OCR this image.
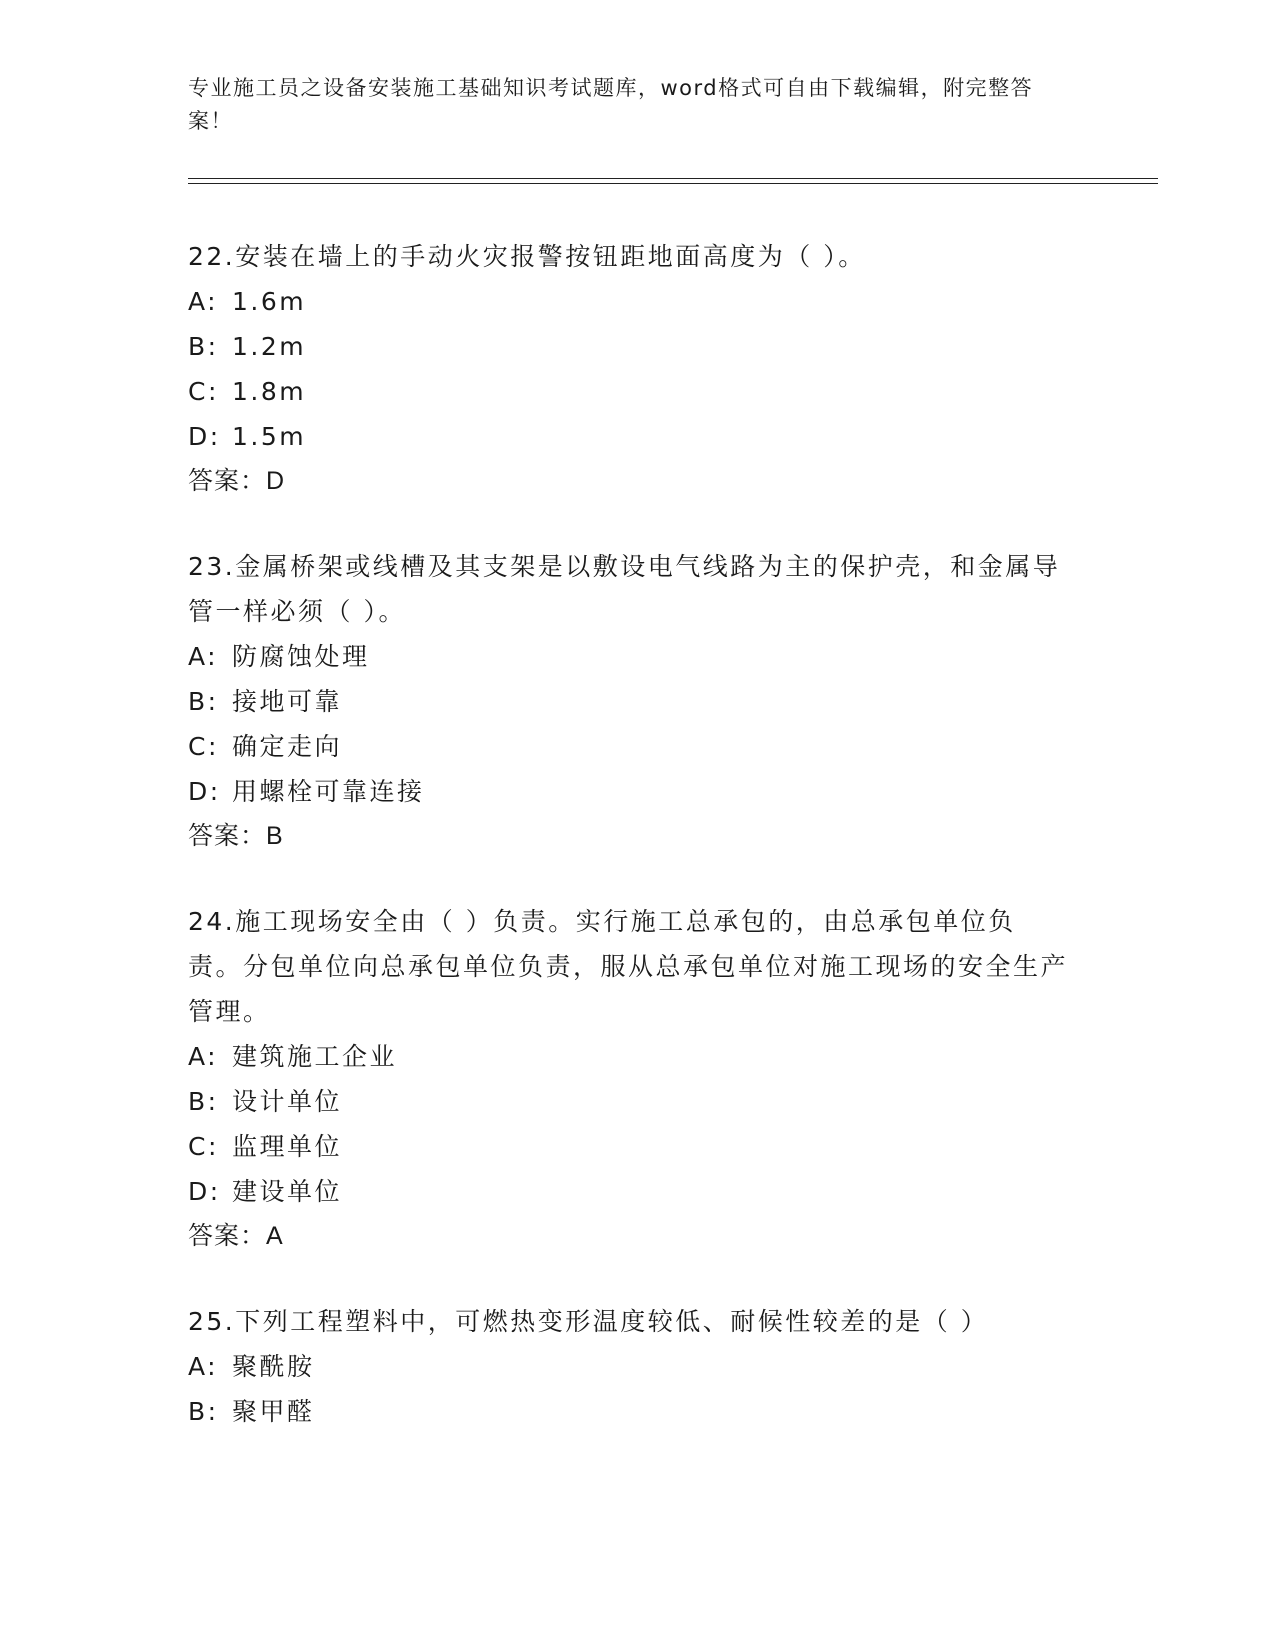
专业施工员之设备安装施工基础知识考试题库，word格式可自由下载编辑，附完整答案！
22.安装在墙上的手动火灾报警按钮距地面高度为（ ）。
A: 1.6m
B: 1.2m
C: 1.8m
D: 1.5m
答案：D
23.金属桥架或线槽及其支架是以敷设电气线路为主的保护壳，和金属导管一样必须（ ）。
A: 防腐蚀处理
B: 接地可靠
C: 确定走向
D: 用螺栓可靠连接
答案：B
24.施工现场安全由（ ）负责。实行施工总承包的，由总承包单位负责。分包单位向总承包单位负责，服从总承包单位对施工现场的安全生产管理。
A: 建筑施工企业
B: 设计单位
C: 监理单位
D: 建设单位
答案：A
25.下列工程塑料中，可燃热变形温度较低、耐候性较差的是（ ）
A: 聚酰胺
B: 聚甲醛
